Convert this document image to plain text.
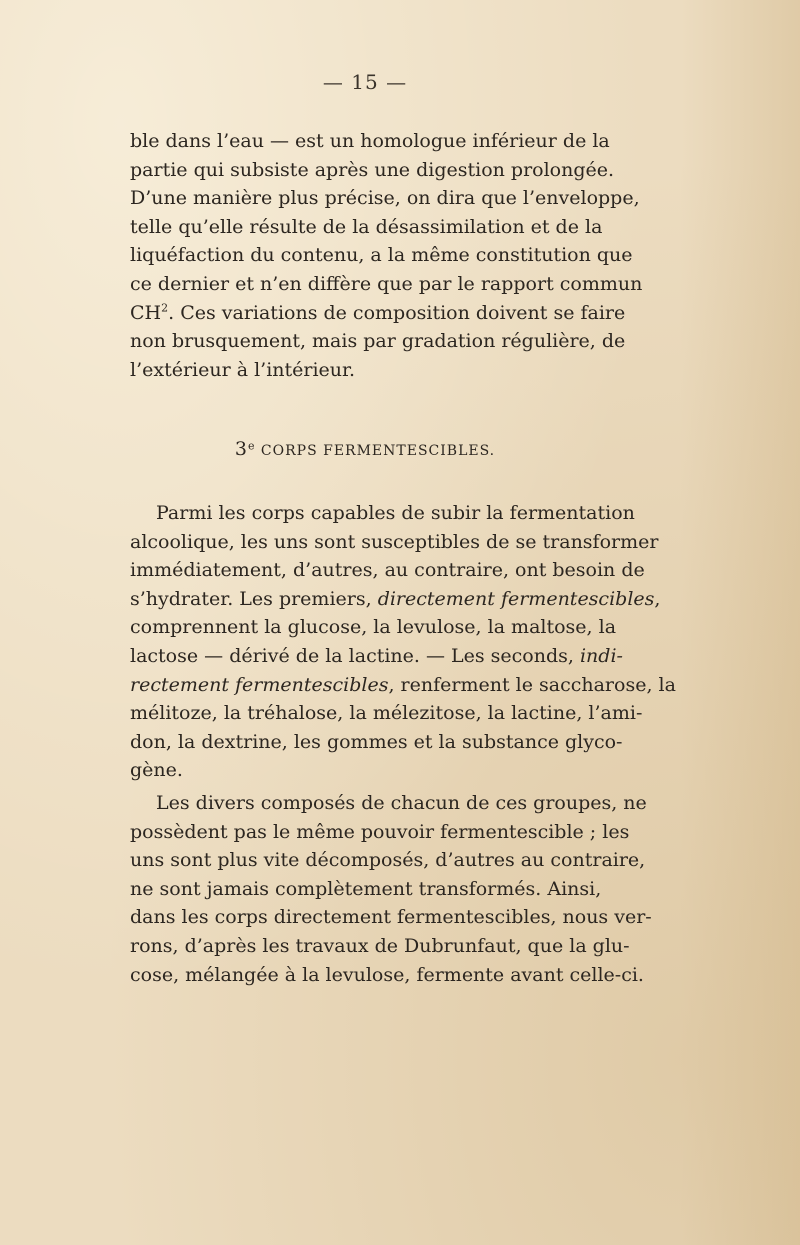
— 15 —
ble dans l’eau — est un homologue inférieur de la
partie qui subsiste après une digestion prolongée.
D’une manière plus précise, on dira que l’enveloppe,
telle qu’elle résulte de la désassimilation et de la
liquéfaction du contenu, a la même constitution que
ce dernier et n’en diffère que par le rapport commun
$CH^2$. Ces variations de composition doivent se faire
non brusquement, mais par gradation régulière, de
l’extérieur à l’intérieur.
3e CORPS FERMENTESCIBLES.
Parmi les corps capables de subir la fermentation
alcoolique, les uns sont susceptibles de se transformer
immédiatement, d’autres, au contraire, ont besoin de
s’hydrater. Les premiers, directement fermentescibles,
comprennent la glucose, la levulose, la maltose, la
lactose — dérivé de la lactine. — Les seconds, indi-
rectement fermentescibles, renferment le saccharose, la
mélitoze, la tréhalose, la mélezitose, la lactine, l’ami-
don, la dextrine, les gommes et la substance glyco-
gène.
Les divers composés de chacun de ces groupes, ne
possèdent pas le même pouvoir fermentescible ; les
uns sont plus vite décomposés, d’autres au contraire,
ne sont jamais complètement transformés. Ainsi,
dans les corps directement fermentescibles, nous ver-
rons, d’après les travaux de Dubrunfaut, que la glu-
cose, mélangée à la levulose, fermente avant celle-ci.
